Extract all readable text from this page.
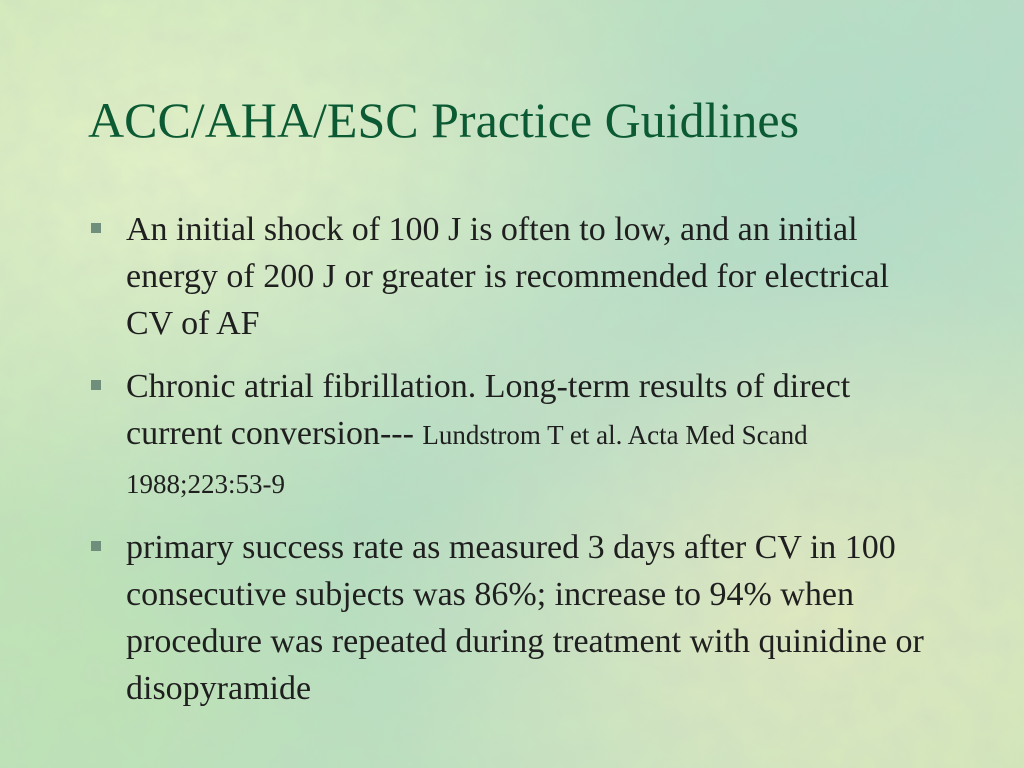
ACC/AHA/ESC Practice Guidlines
An initial shock of 100 J is often to low, and an initial energy of 200 J or greater is recommended for electrical CV of AF
Chronic atrial fibrillation. Long-term results of direct current conversion--- Lundstrom T et al. Acta Med Scand 1988;223:53-9
primary success rate as measured 3 days after CV in 100 consecutive subjects was 86%; increase to 94% when procedure was repeated during treatment with quinidine or disopyramide
